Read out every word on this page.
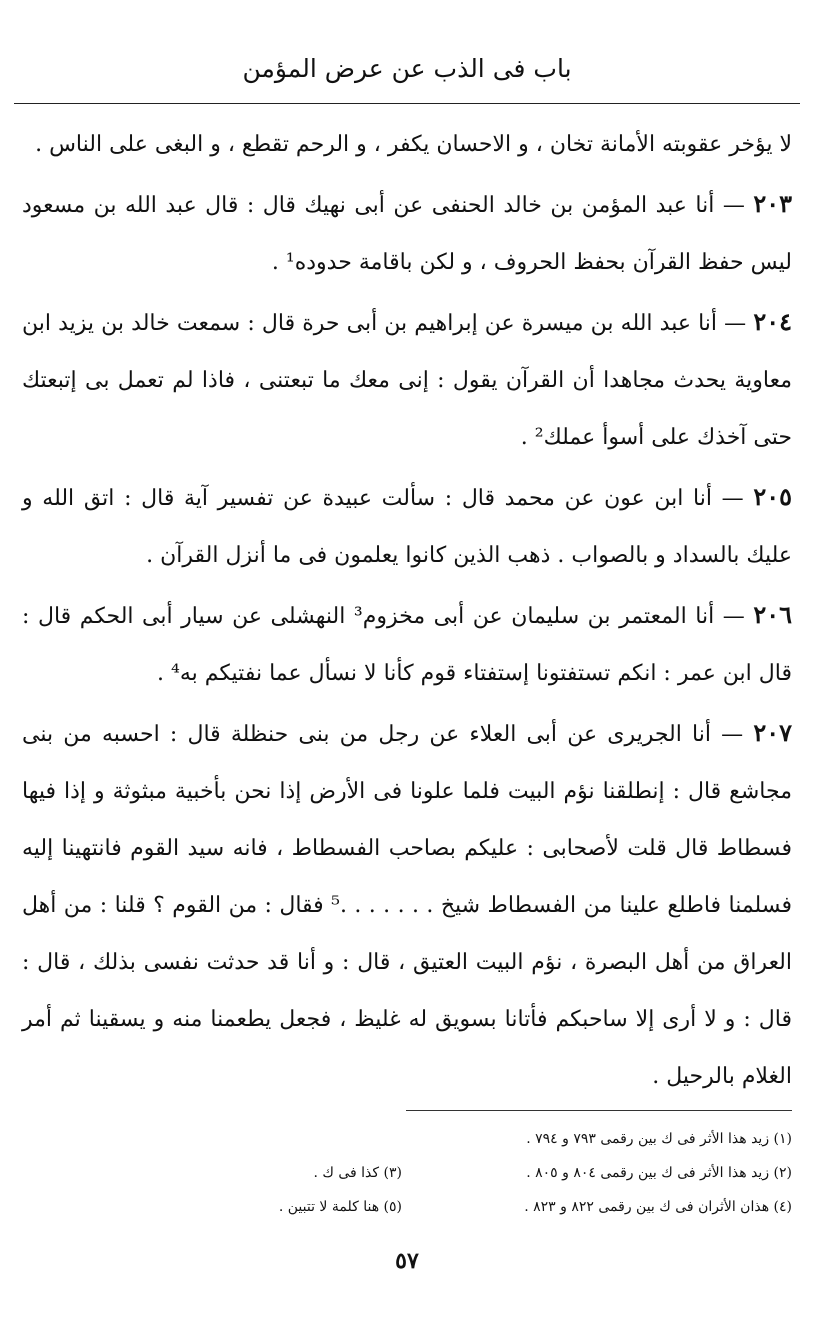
باب فى الذب عن عرض المؤمن

لا يؤخر عقوبته الأمانة تخان ، و الاحسان يكفر ، و الرحم تقطع ، و البغى على الناس .

٢٠٣ — أنا عبد المؤمن بن خالد الحنفى عن أبى نهيك قال : قال عبد الله بن مسعود ليس حفظ القرآن بحفظ الحروف ، و لكن باقامة حدوده¹ .

٢٠٤ — أنا عبد الله بن ميسرة عن إبراهيم بن أبى حرة قال : سمعت خالد بن يزيد ابن معاوية يحدث مجاهدا أن القرآن يقول : إنى معك ما تبعتنى ، فاذا لم تعمل بى إتبعتك حتى آخذك على أسوأ عملك² .

٢٠٥ — أنا ابن عون عن محمد قال : سألت عبيدة عن تفسير آية قال : اتق الله و عليك بالسداد و بالصواب . ذهب الذين كانوا يعلمون فى ما أنزل القرآن .

٢٠٦ — أنا المعتمر بن سليمان عن أبى مخزوم³ النهشلى عن سيار أبى الحكم قال : قال ابن عمر : انكم تستفتونا إستفتاء قوم كأنا لا نسأل عما نفتيكم به⁴ .

٢٠٧ — أنا الجريرى عن أبى العلاء عن رجل من بنى حنظلة قال : احسبه من بنى مجاشع قال : إنطلقنا نؤم البيت فلما علونا فى الأرض إذا نحن بأخبية مبثوثة و إذا فيها فسطاط قال قلت لأصحابى : عليكم بصاحب الفسطاط ، فانه سيد القوم فانتهينا إليه فسلمنا فاطلع علينا من الفسطاط شيخ . . . . . . .⁵ فقال : من القوم ؟ قلنا : من أهل العراق من أهل البصرة ، نؤم البيت العتيق ، قال : و أنا قد حدثت نفسى بذلك ، قال : قال : و لا أرى إلا ساحبكم فأتانا بسويق له غليظ ، فجعل يطعمنا منه و يسقينا ثم أمر الغلام بالرحيل .

(١) زيد هذا الأثر فى ك بين رقمى ٧٩٣ و ٧٩٤ .
(٢) زيد هذا الأثر فى ك بين رقمى ٨٠٤ و ٨٠٥ .
(٣) كذا فى ك .
(٤) هذان الأثران فى ك بين رقمى ٨٢٢ و ٨٢٣ .
(٥) هنا كلمة لا تتبين .
٥٧
